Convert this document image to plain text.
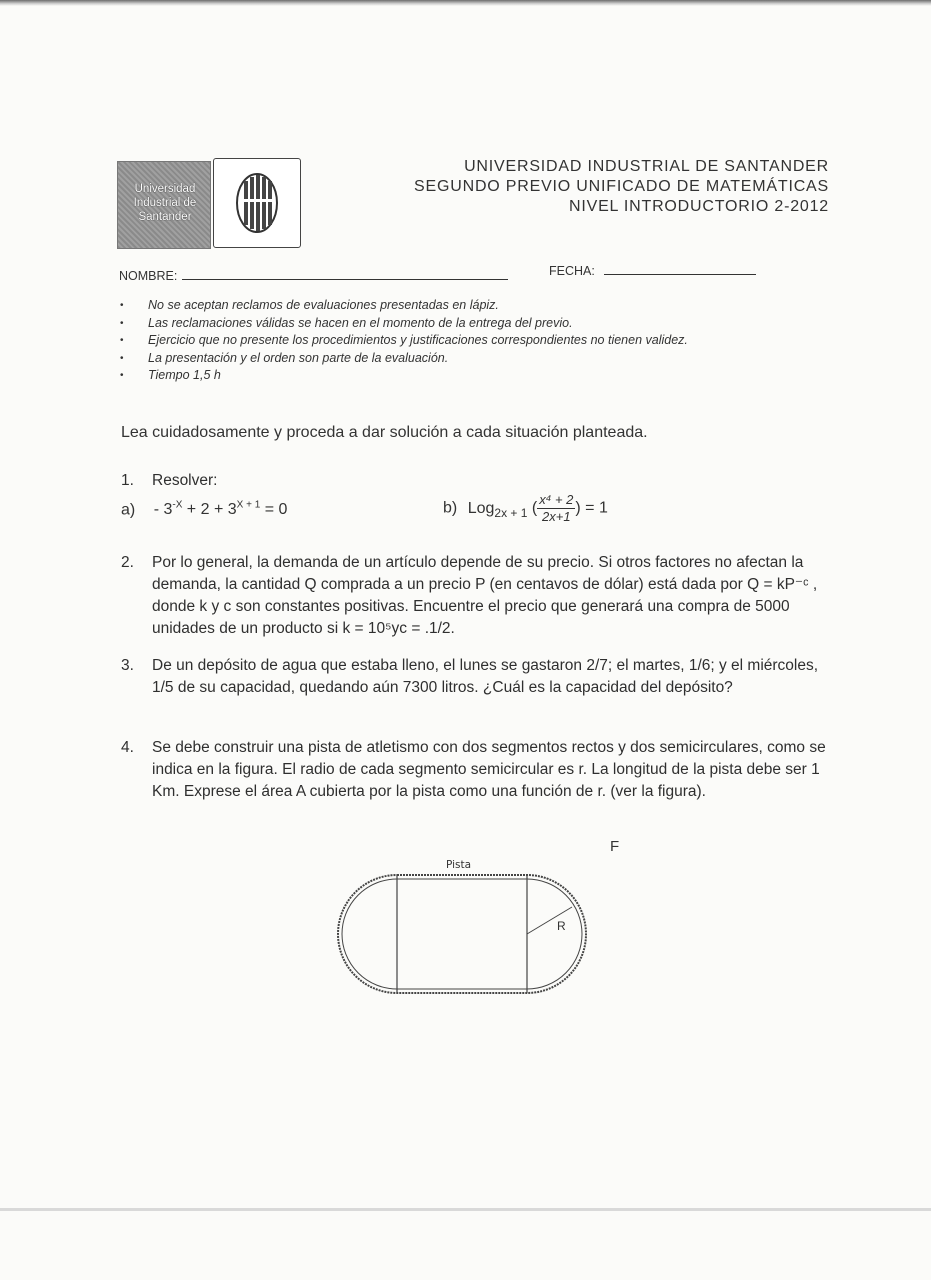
Universidad
Industrial de
Santander
UNIVERSIDAD INDUSTRIAL DE SANTANDER
SEGUNDO PREVIO UNIFICADO DE MATEMÁTICAS
NIVEL INTRODUCTORIO 2-2012
NOMBRE:	FECHA:
• No se aceptan reclamos de evaluaciones presentadas en lápiz.
• Las reclamaciones válidas se hacen en el momento de la entrega del previo.
• Ejercicio que no presente los procedimientos y justificaciones correspondientes no tienen validez.
• La presentación y el orden son parte de la evaluación.
• Tiempo 1,5 h
Lea cuidadosamente y proceda a dar solución a cada situación planteada.
1. Resolver:
$a) - 3^{-X} + 2 + 3^{X + 1} = 0$	b) Log$_{2x + 1}$ ( $\frac{\text{x⁴ + 2}}{2x+1}$ ) = 1
2. Por lo general, la demanda de un artículo depende de su precio. Si otros factores no afectan la demanda, la cantidad Q comprada a un precio P (en centavos de dólar) está dada por Q = kP⁻ᶜ , donde k y c son constantes positivas. Encuentre el precio que generará una compra de 5000 unidades de un producto si k = 10⁵yc = .1/2.
3. De un depósito de agua que estaba lleno, el lunes se gastaron 2/7; el martes, 1/6; y el miércoles, 1/5 de su capacidad, quedando aún 7300 litros. ¿Cuál es la capacidad del depósito?
4. Se debe construir una pista de atletismo con dos segmentos rectos y dos semicirculares, como se indica en la figura. El radio de cada segmento semicircular es r. La longitud de la pista debe ser 1 Km. Exprese el área A cubierta por la pista como una función de r. (ver la figura).
F
Pista
R
